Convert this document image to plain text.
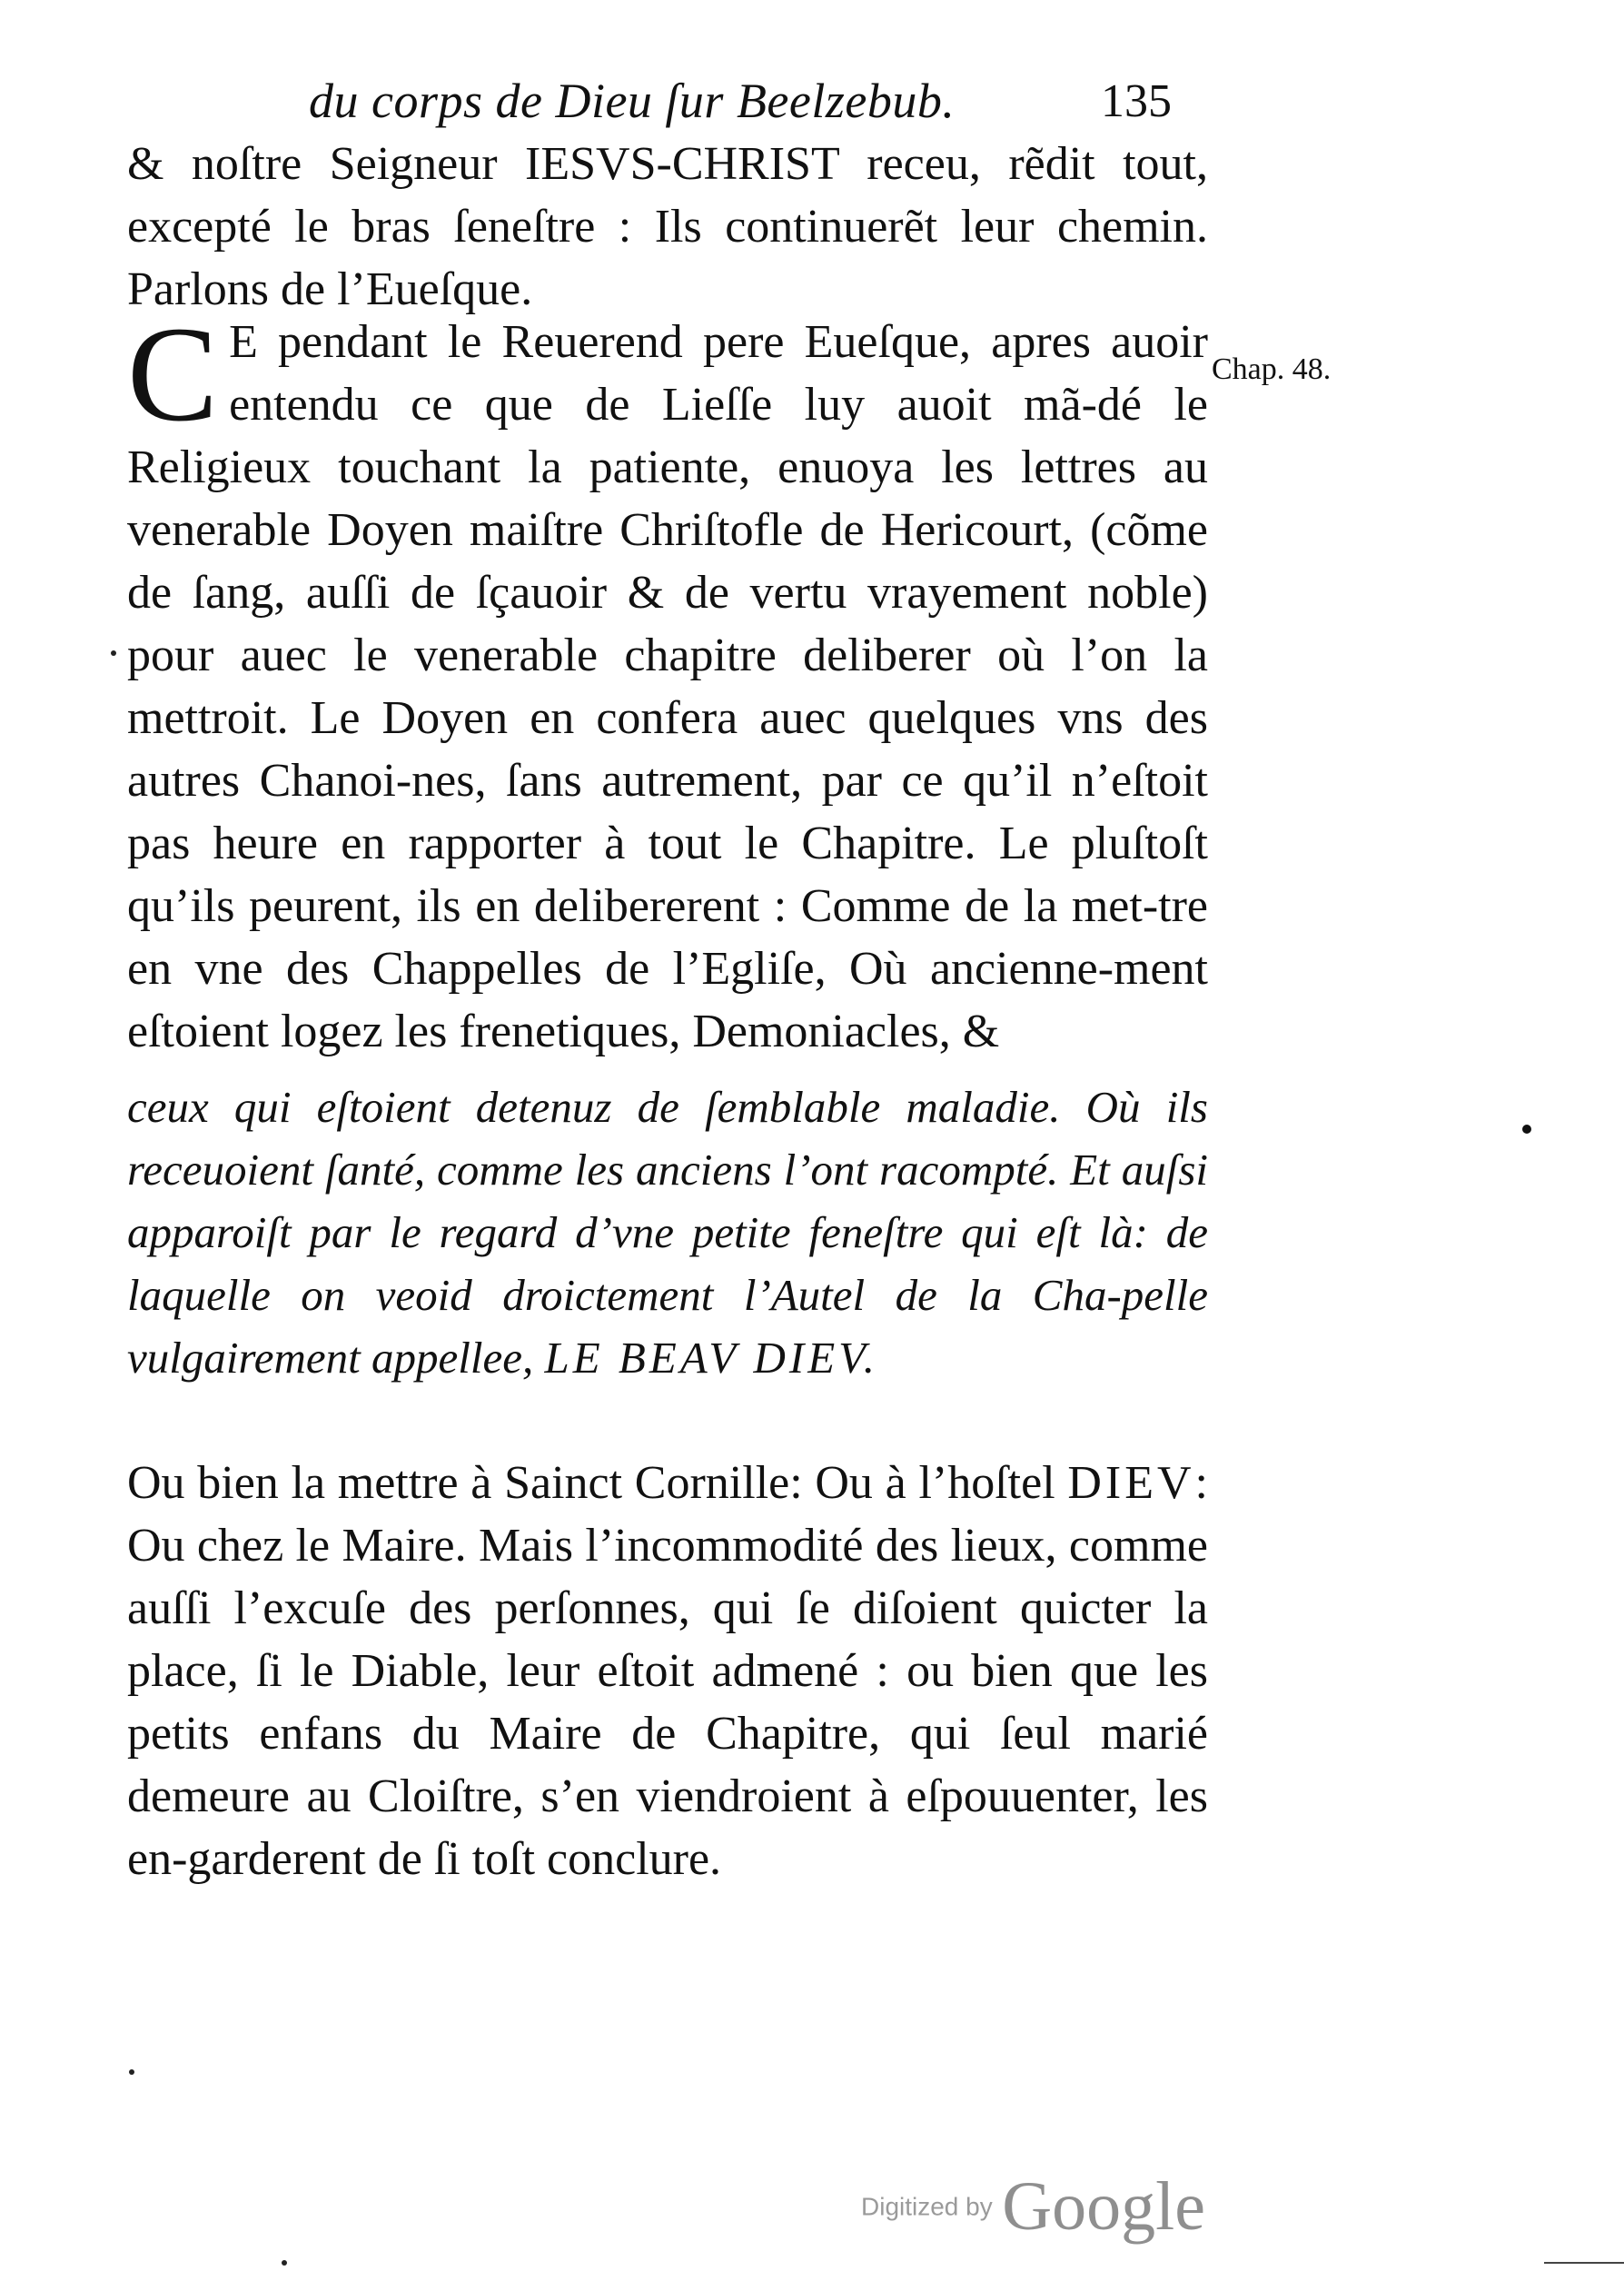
du corps de Dieu ſur Beelzebub.	135

& noſtre Seigneur IESVS-CHRIST receu, rẽdit tout, excepté le bras ſeneſtre : Ils continuerẽt leur chemin. Parlons de l’Eueſque.

C E pendant le Reuerend pere Eueſque, apres auoir entendu ce que de Lieſſe luy auoit mã-dé le Religieux touchant la patiente, enuoya les lettres au venerable Doyen maiſtre Chriſtofle de Hericourt, (cõme de ſang, auſſi de ſçauoir & de vertu vrayement noble) pour auec le venerable chapitre deliberer où l’on la mettroit. Le Doyen en confera auec quelques vns des autres Chanoi-nes, ſans autrement, par ce qu’il n’eſtoit pas heure en rapporter à tout le Chapitre. Le pluſtoſt qu’ils peurent, ils en delibererent : Comme de la met-tre en vne des Chappelles de l’Egliſe, Où ancienne-ment eſtoient logez les frenetiques, Demoniacles, &

Chap. 48.

ceux qui eſtoient detenuz de ſemblable maladie. Où ils receuoient ſanté, comme les anciens l’ont racompté. Et auſsi apparoiſt par le regard d’vne petite feneſtre qui eſt là: de laquelle on veoid droictement l’Autel de la Cha-pelle vulgairement appellee, LE BEAV DIEV.

Ou bien la mettre à Sainct Cornille: Ou à l’hoſtel DIEV: Ou chez le Maire. Mais l’incommodité des lieux, comme auſſi l’excuſe des perſonnes, qui ſe diſoient quicter la place, ſi le Diable, leur eſtoit admené : ou bien que les petits enfans du Maire de Chapitre, qui ſeul marié demeure au Cloiſtre, s’en viendroient à eſpouuenter, les en-garderent de ſi toſt conclure.

Digitized by Google
